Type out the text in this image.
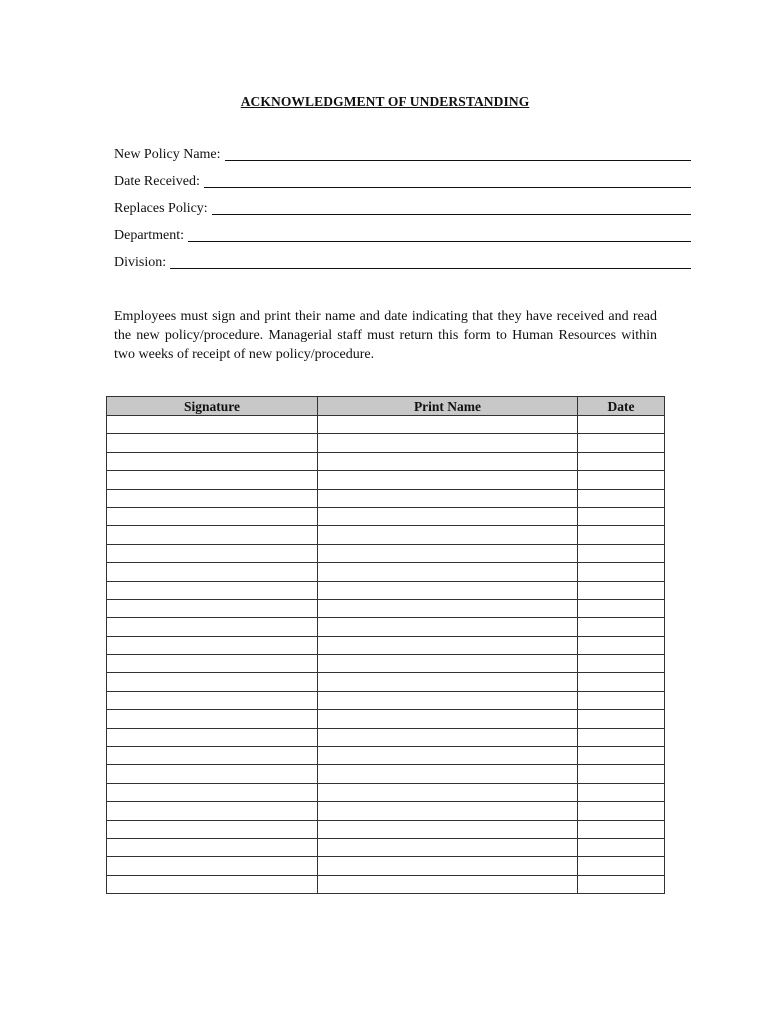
ACKNOWLEDGMENT OF UNDERSTANDING
New Policy Name:
Date Received:
Replaces Policy:
Department:
Division:
Employees must sign and print their name and date indicating that they have received and read the new policy/procedure. Managerial staff must return this form to Human Resources within two weeks of receipt of new policy/procedure.
Signature	Print Name	Date
